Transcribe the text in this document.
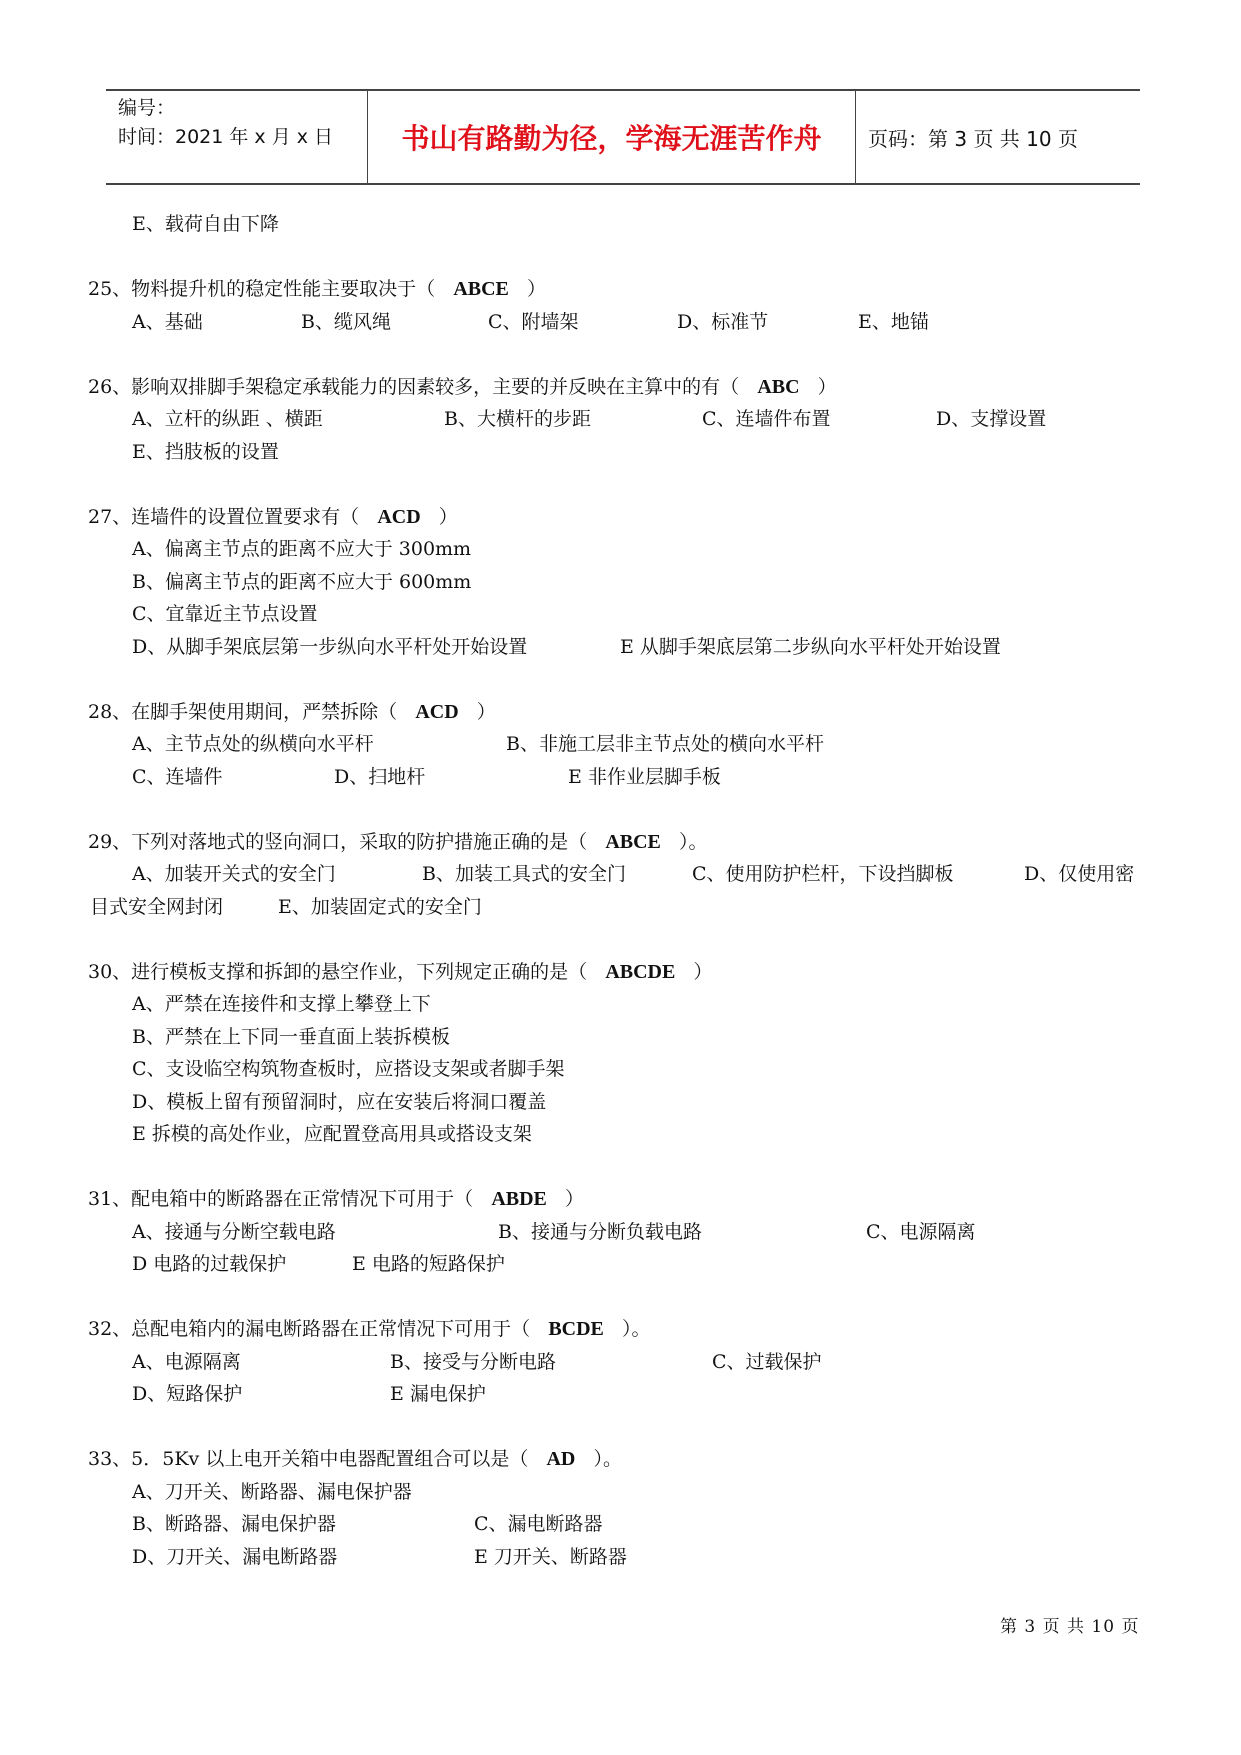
编号：
时间：2021 年 x 月 x 日	书山有路勤为径，学海无涯苦作舟	页码：第 3 页 共 10 页
E、载荷自由下降
25、物料提升机的稳定性能主要取决于（ ABCE ）
A、基础	B、缆风绳	C、附墙架	D、标准节	E、地锚
26、影响双排脚手架稳定承载能力的因素较多，主要的并反映在主算中的有（ ABC ）
A、立杆的纵距 、横距	B、大横杆的步距	C、连墙件布置	D、支撑设置
E、挡肢板的设置
27、连墙件的设置位置要求有（ ACD ）
A、偏离主节点的距离不应大于 300mm
B、偏离主节点的距离不应大于 600mm
C、宜靠近主节点设置
D、从脚手架底层第一步纵向水平杆处开始设置	E 从脚手架底层第二步纵向水平杆处开始设置
28、在脚手架使用期间，严禁拆除（ ACD ）
A、主节点处的纵横向水平杆	B、非施工层非主节点处的横向水平杆
C、连墙件	D、扫地杆	E 非作业层脚手板
29、下列对落地式的竖向洞口，采取的防护措施正确的是（ ABCE ）。
A、加装开关式的安全门	B、加装工具式的安全门	C、使用防护栏杆，下设挡脚板	D、仅使用密
目式安全网封闭	E、加装固定式的安全门
30、进行模板支撑和拆卸的悬空作业，下列规定正确的是（ ABCDE ）
A、严禁在连接件和支撑上攀登上下
B、严禁在上下同一垂直面上装拆模板
C、支设临空构筑物查板时，应搭设支架或者脚手架
D、模板上留有预留洞时，应在安装后将洞口覆盖
E 拆模的高处作业，应配置登高用具或搭设支架
31、配电箱中的断路器在正常情况下可用于（ ABDE ）
A、接通与分断空载电路	B、接通与分断负载电路	C、电源隔离
D 电路的过载保护	E 电路的短路保护
32、总配电箱内的漏电断路器在正常情况下可用于（ BCDE ）。
A、电源隔离	B、接受与分断电路	C、过载保护
D、短路保护	E 漏电保护
33、5．5Kv 以上电开关箱中电器配置组合可以是（ AD ）。
A、刀开关、断路器、漏电保护器
B、断路器、漏电保护器	C、漏电断路器
D、刀开关、漏电断路器	E 刀开关、断路器
第 3 页 共 10 页
